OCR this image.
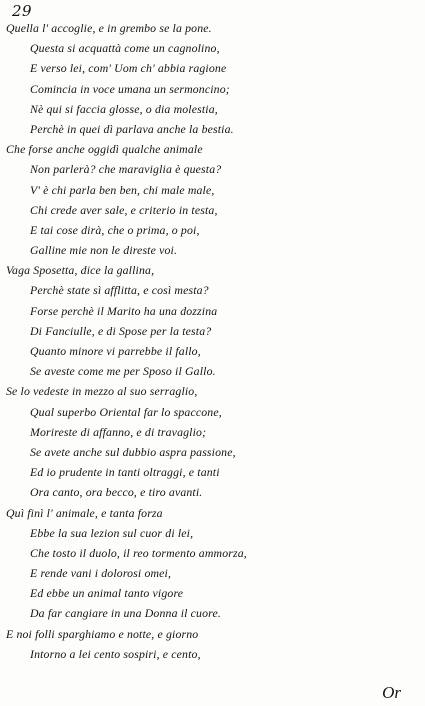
29
Quella l' accoglie, e in grembo se la pone.
Questa si acquattà come un cagnolino,
E verso lei, com' Uom ch' abbia ragione
Comincia in voce umana un sermoncino;
Nè qui si faccia glosse, o dia molestia,
Perchè in quei dì parlava anche la bestia.
Che forse anche oggidì qualche animale
Non parlerà? che maraviglia è questa?
V' è chi parla ben ben, chi male male,
Chi crede aver sale, e criterio in testa,
E tai cose dirà, che o prima, o poi,
Galline mie non le direste voi.
Vaga Sposetta, dice la gallina,
Perchè state sì afflitta, e così mesta?
Forse perchè il Marito ha una dozzina
Di Fanciulle, e di Spose per la testa?
Quanto minore vi parrebbe il fallo,
Se aveste come me per Sposo il Gallo.
Se lo vedeste in mezzo al suo serraglio,
Qual superbo Oriental far lo spaccone,
Morireste di affanno, e di travaglio;
Se avete anche sul dubbio aspra passione,
Ed io prudente in tanti oltraggi, e tanti
Ora canto, ora becco, e tiro avanti.
Quì finì l' animale, e tanta forza
Ebbe la sua lezion sul cuor di lei,
Che tosto il duolo, il reo tormento ammorza,
E rende vani i dolorosi omei,
Ed ebbe un animal tanto vigore
Da far cangiare in una Donna il cuore.
E noi folli sparghiamo e notte, e giorno
Intorno a lei cento sospiri, e cento,
Or
